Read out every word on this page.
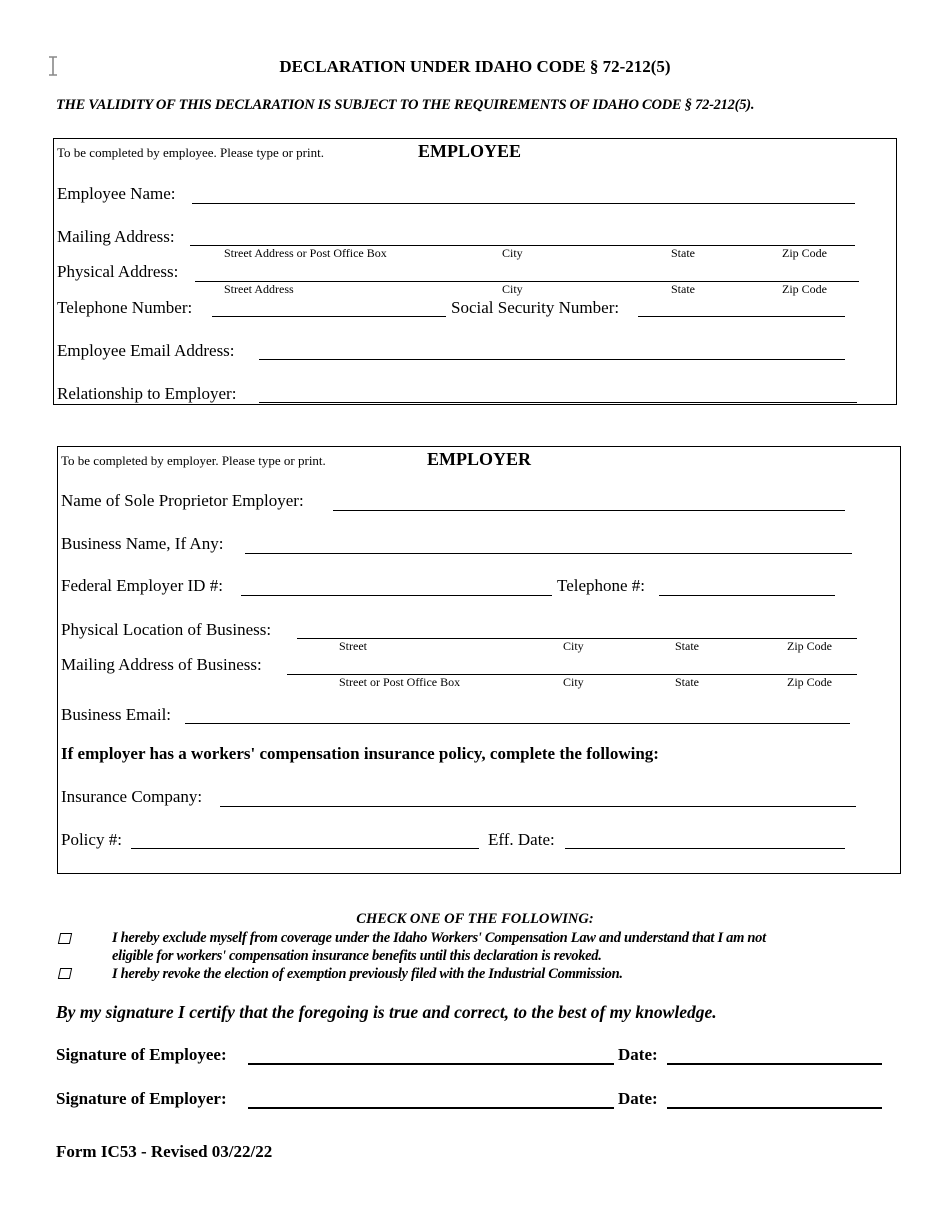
DECLARATION UNDER IDAHO CODE § 72-212(5)
THE VALIDITY OF THIS DECLARATION IS SUBJECT TO THE REQUIREMENTS OF IDAHO CODE § 72-212(5).
To be completed by employee. Please type or print.	EMPLOYEE
Employee Name:
Mailing Address:
Street Address or Post Office Box	City	State	Zip Code
Physical Address:
Street Address	City	State	Zip Code
Telephone Number:	Social Security Number:
Employee Email Address:
Relationship to Employer:
To be completed by employer. Please type or print.	EMPLOYER
Name of Sole Proprietor Employer:
Business Name, If Any:
Federal Employer ID #:	Telephone #:
Physical Location of Business:
Street	City	State	Zip Code
Mailing Address of Business:
Street or Post Office Box	City	State	Zip Code
Business Email:
If employer has a workers' compensation insurance policy, complete the following:
Insurance Company:
Policy #:	Eff. Date:
CHECK ONE OF THE FOLLOWING:
I hereby exclude myself from coverage under the Idaho Workers' Compensation Law and understand that I am not
eligible for workers' compensation insurance benefits until this declaration is revoked.
I hereby revoke the election of exemption previously filed with the Industrial Commission.
By my signature I certify that the foregoing is true and correct, to the best of my knowledge.
Signature of Employee:	Date:
Signature of Employer:	Date:
Form IC53 - Revised 03/22/22
